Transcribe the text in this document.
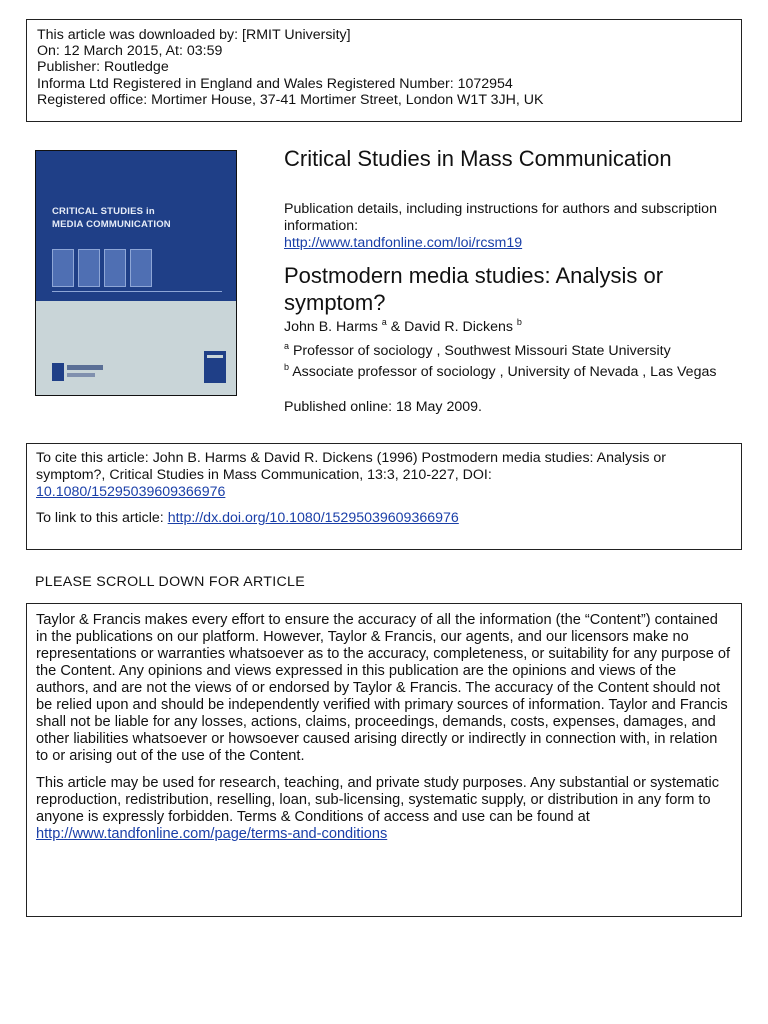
This article was downloaded by: [RMIT University]
On: 12 March 2015, At: 03:59
Publisher: Routledge
Informa Ltd Registered in England and Wales Registered Number: 1072954
Registered office: Mortimer House, 37-41 Mortimer Street, London W1T 3JH, UK
CRITICAL STUDIES in
MEDIA COMMUNICATION
Critical Studies in Mass Communication
Publication details, including instructions for authors and subscription information:
http://www.tandfonline.com/loi/rcsm19
Postmodern media studies: Analysis or symptom?
John B. Harms $^a$ & David R. Dickens $^b$
$^a$ Professor of sociology , Southwest Missouri State University
$^b$ Associate professor of sociology , University of Nevada , Las Vegas
Published online: 18 May 2009.
To cite this article: John B. Harms & David R. Dickens (1996) Postmodern media studies: Analysis or symptom?, Critical Studies in Mass Communication, 13:3, 210-227, DOI:
10.1080/15295039609366976
To link to this article: http://dx.doi.org/10.1080/15295039609366976
PLEASE SCROLL DOWN FOR ARTICLE

Taylor & Francis makes every effort to ensure the accuracy of all the information (the “Content”) contained in the publications on our platform. However, Taylor & Francis, our agents, and our licensors make no representations or warranties whatsoever as to the accuracy, completeness, or suitability for any purpose of the Content. Any opinions and views expressed in this publication are the opinions and views of the authors, and are not the views of or endorsed by Taylor & Francis. The accuracy of the Content should not be relied upon and should be independently verified with primary sources of information. Taylor and Francis shall not be liable for any losses, actions, claims, proceedings, demands, costs, expenses, damages, and other liabilities whatsoever or howsoever caused arising directly or indirectly in connection with, in relation to or arising out of the use of the Content.

This article may be used for research, teaching, and private study purposes. Any substantial or systematic reproduction, redistribution, reselling, loan, sub-licensing, systematic supply, or distribution in any form to anyone is expressly forbidden. Terms & Conditions of access and use can be found at http://www.tandfonline.com/page/terms-and-conditions
